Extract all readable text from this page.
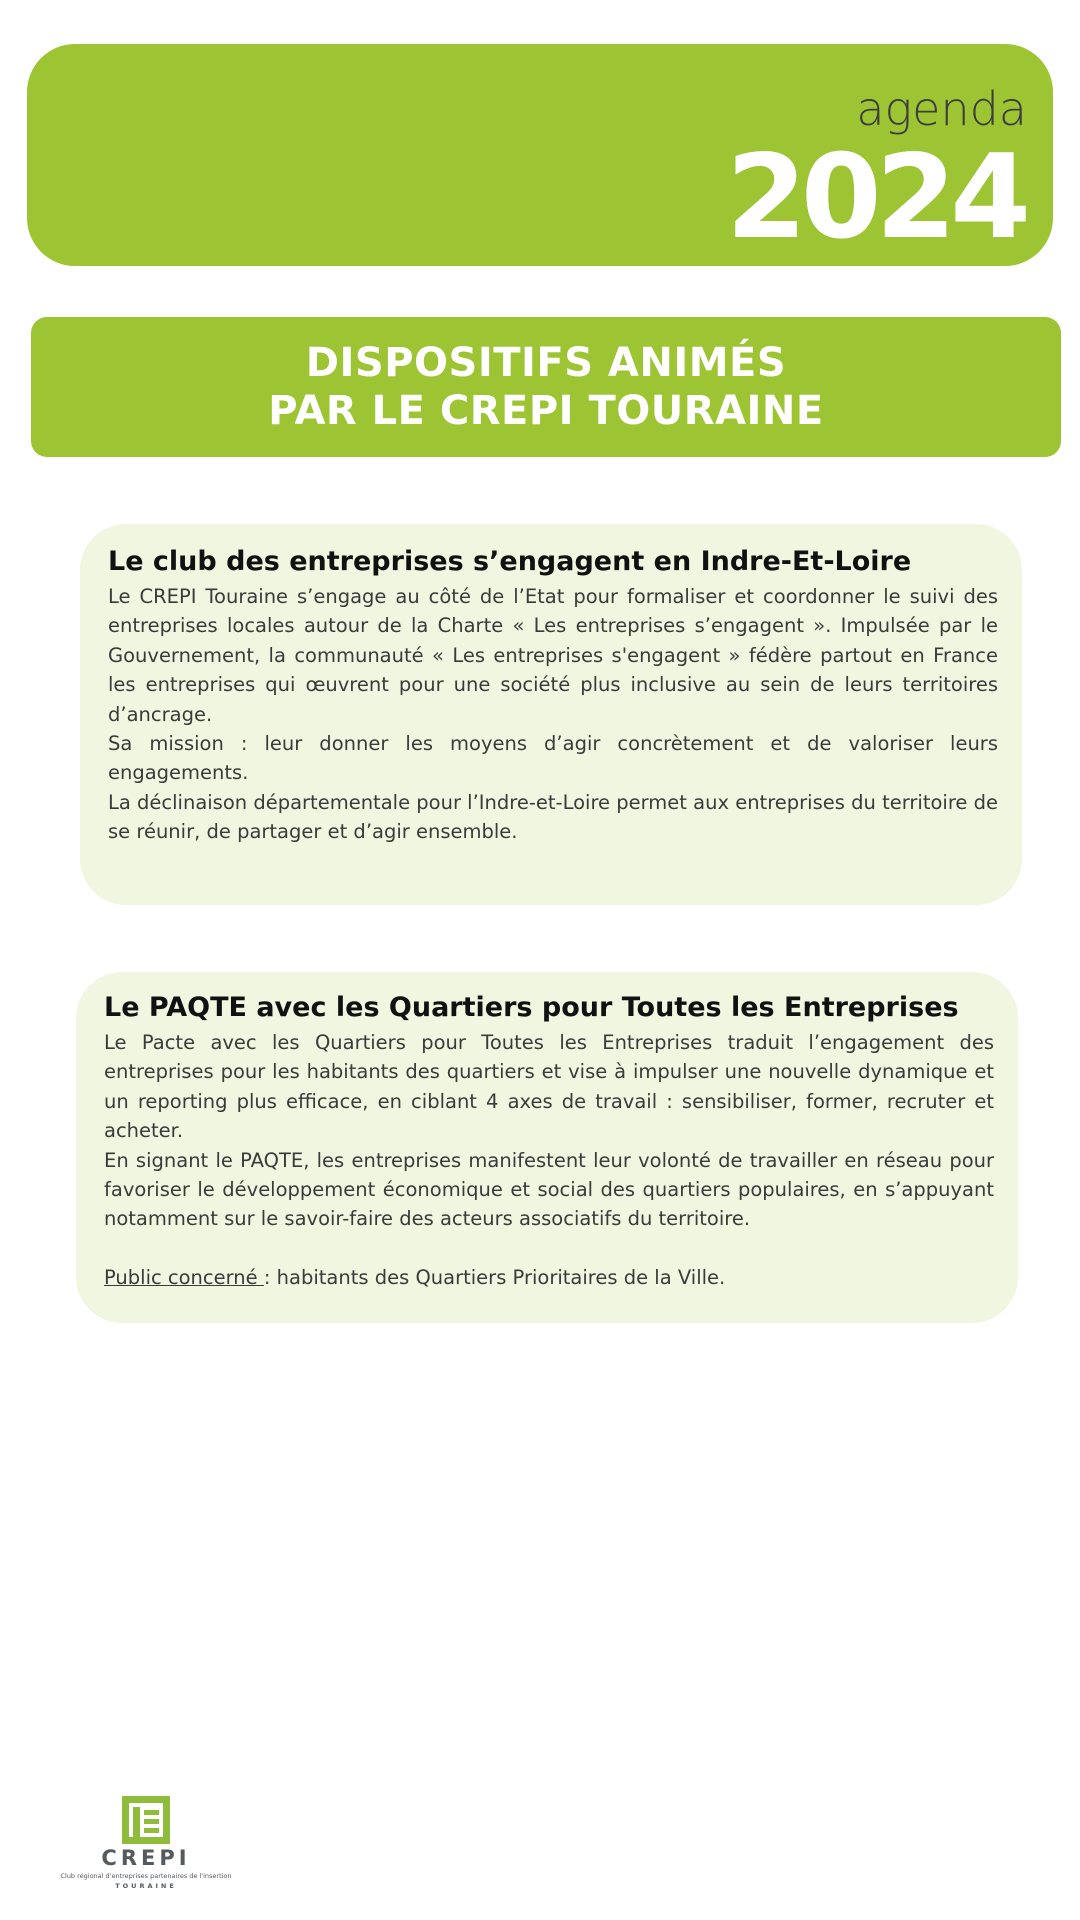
agenda
2024
DISPOSITIFS ANIMÉS
PAR LE CREPI TOURAINE
Le club des entreprises s’engagent en Indre-Et-Loire

Le CREPI Touraine s’engage au côté de l’Etat pour formaliser et coordonner le suivi des entreprises locales autour de la Charte « Les entreprises s’engagent ». Impulsée par le Gouvernement, la communauté « Les entreprises s'engagent » fédère partout en France les entreprises qui œuvrent pour une société plus inclusive au sein de leurs territoires d’ancrage.

Sa mission : leur donner les moyens d’agir concrètement et de valoriser leurs engagements.

La déclinaison départementale pour l’Indre-et-Loire permet aux entreprises du territoire de se réunir, de partager et d’agir ensemble.

Le PAQTE avec les Quartiers pour Toutes les Entreprises

Le Pacte avec les Quartiers pour Toutes les Entreprises traduit l’engagement des entreprises pour les habitants des quartiers et vise à impulser une nouvelle dynamique et un reporting plus efficace, en ciblant 4 axes de travail : sensibiliser, former, recruter et acheter.

En signant le PAQTE, les entreprises manifestent leur volonté de travailler en réseau pour favoriser le développement économique et social des quartiers populaires, en s’appuyant notamment sur le savoir-faire des acteurs associatifs du territoire.

Public concerné : habitants des Quartiers Prioritaires de la Ville.

CREPI
Club régional d'entreprises partenaires de l'insertion
TOURAINE
